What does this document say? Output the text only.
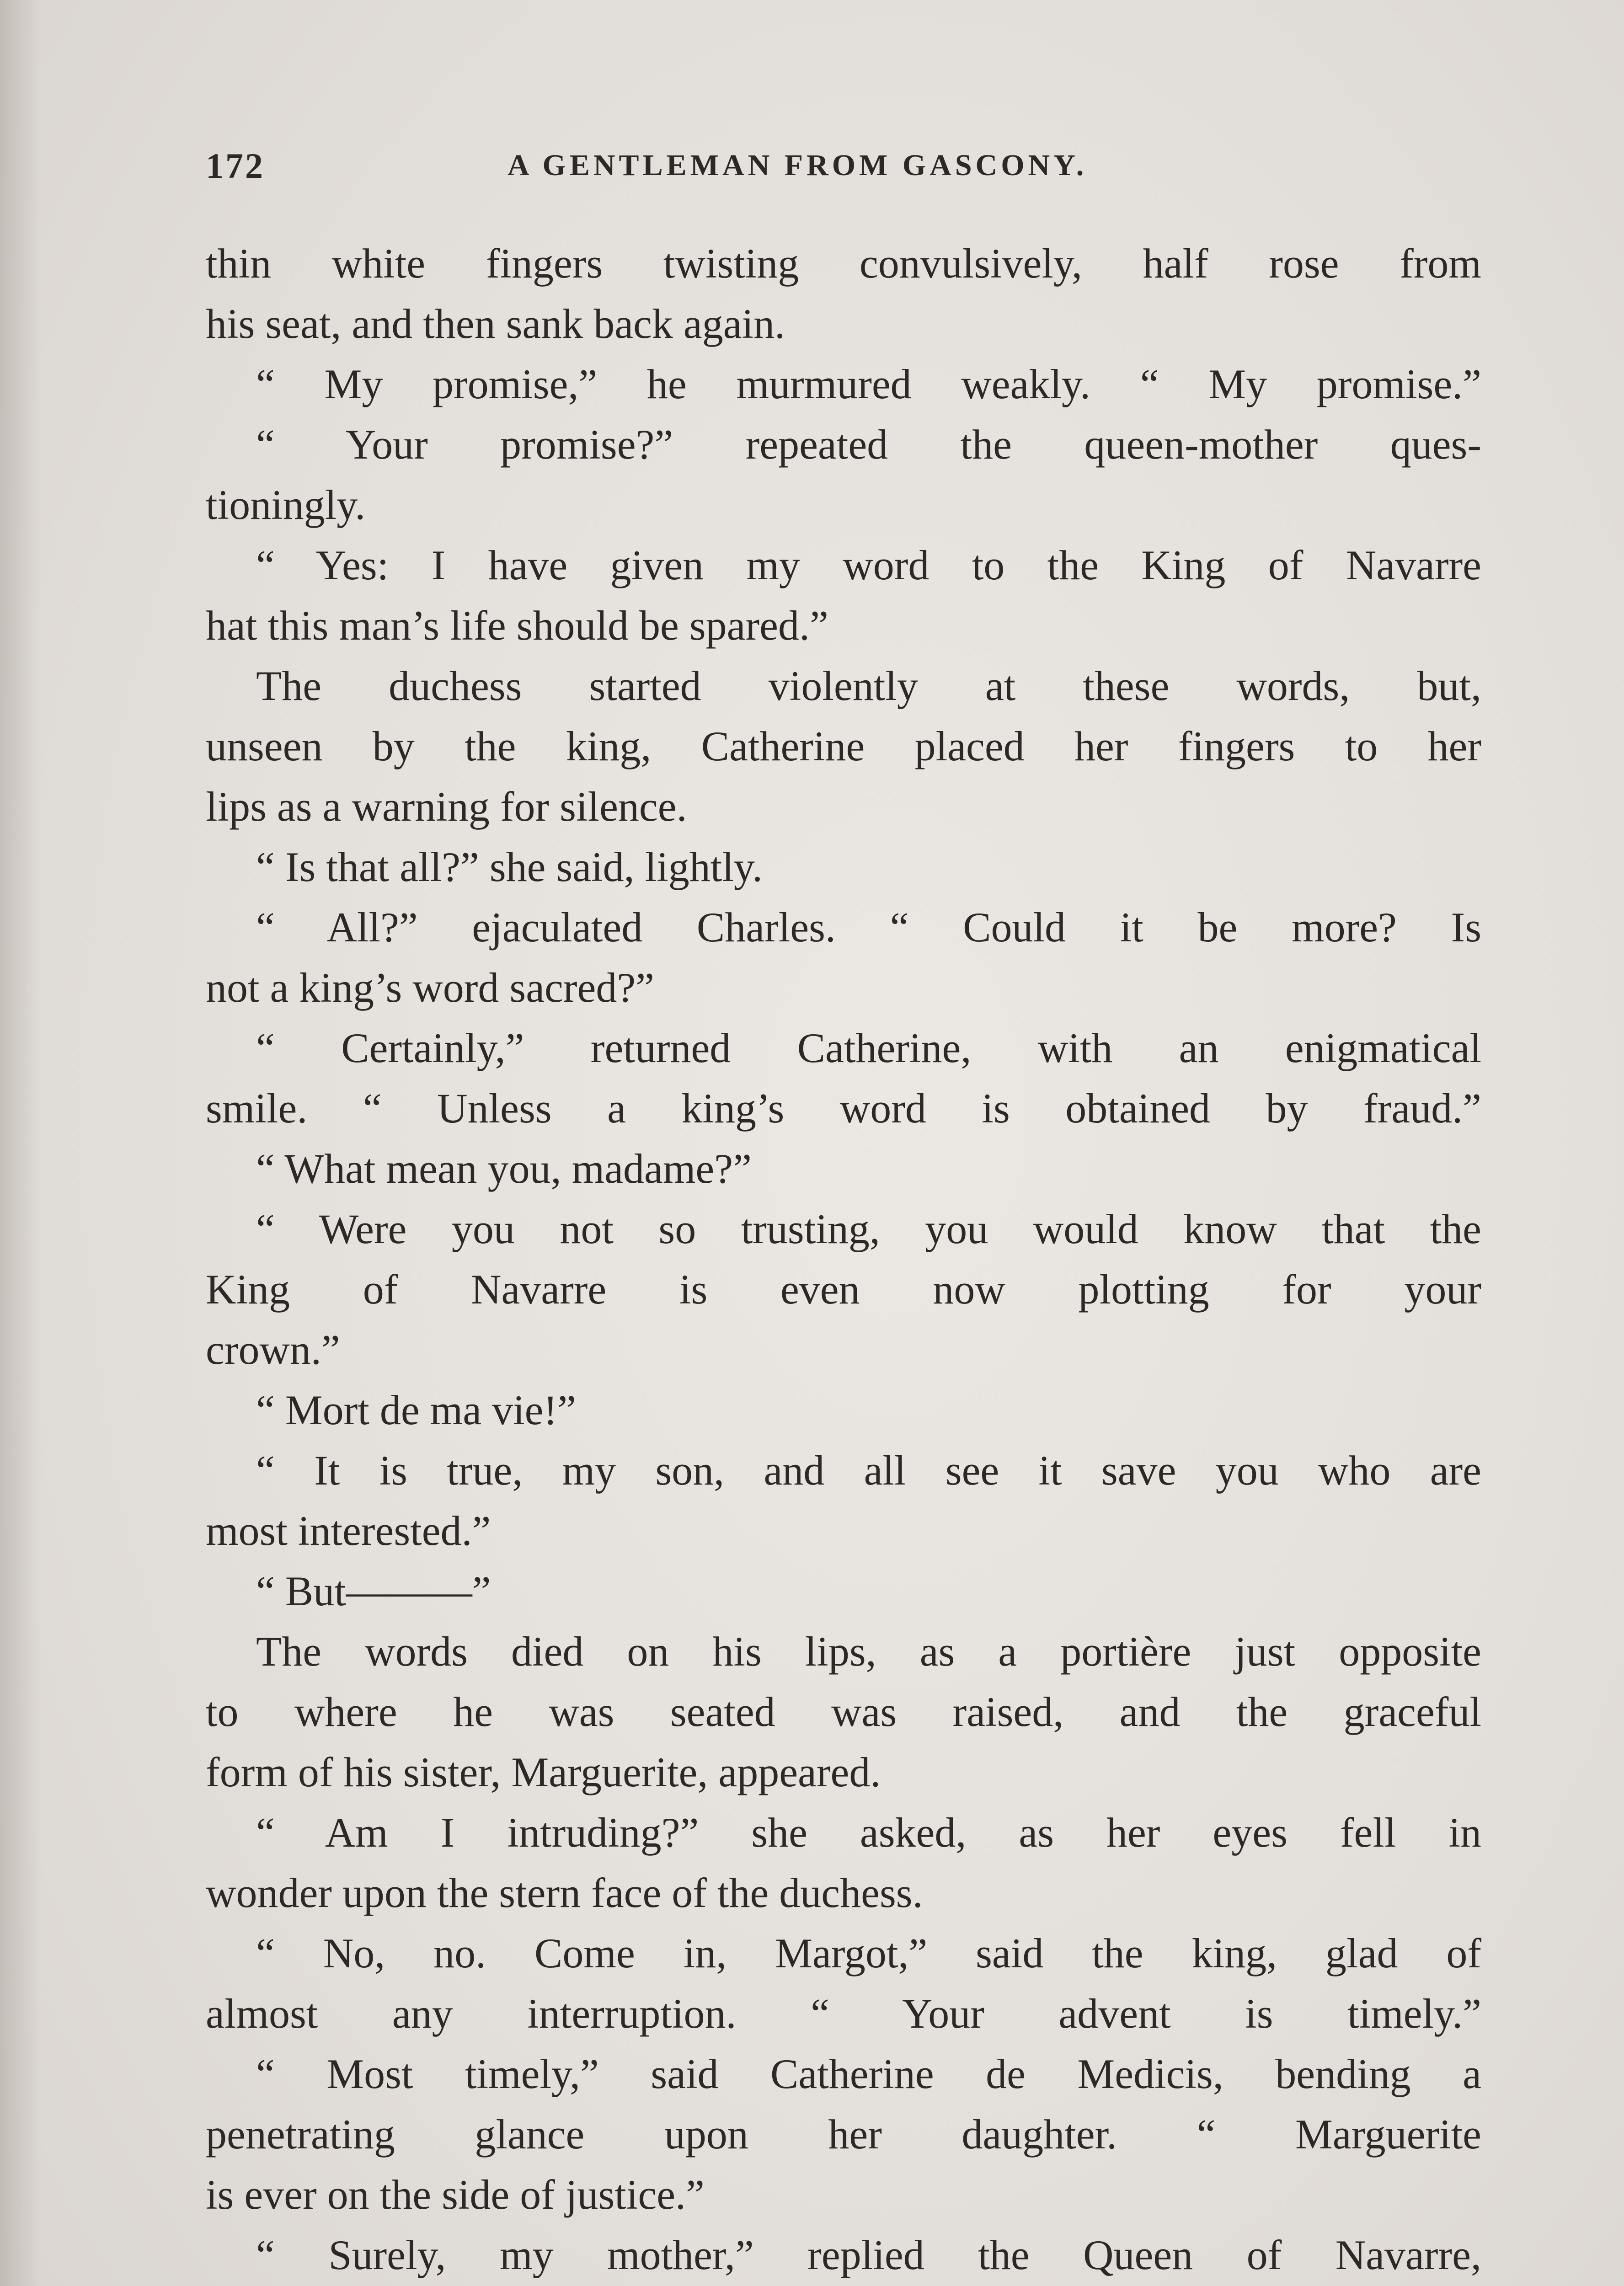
172	A GENTLEMAN FROM GASCONY.
thin white fingers twisting convulsively, half rose from
his seat, and then sank back again.
“ My promise,” he murmured weakly. “ My promise.”
“ Your promise?” repeated the queen-mother ques-
tioningly.
“ Yes: I have given my word to the King of Navarre
hat this man’s life should be spared.”
The duchess started violently at these words, but,
unseen by the king, Catherine placed her fingers to her
lips as a warning for silence.
“ Is that all?” she said, lightly.
“ All?” ejaculated Charles. “ Could it be more? Is
not a king’s word sacred?”
“ Certainly,” returned Catherine, with an enigmatical
smile. “ Unless a king’s word is obtained by fraud.”
“ What mean you, madame?”
“ Were you not so trusting, you would know that the
King of Navarre is even now plotting for your
crown.”
“ Mort de ma vie!”
“ It is true, my son, and all see it save you who are
most interested.”
“ But———”
The words died on his lips, as a portière just opposite
to where he was seated was raised, and the graceful
form of his sister, Marguerite, appeared.
“ Am I intruding?” she asked, as her eyes fell in
wonder upon the stern face of the duchess.
“ No, no. Come in, Margot,” said the king, glad of
almost any interruption. “ Your advent is timely.”
“ Most timely,” said Catherine de Medicis, bending a
penetrating glance upon her daughter. “ Marguerite
is ever on the side of justice.”
“ Surely, my mother,” replied the Queen of Navarre,
